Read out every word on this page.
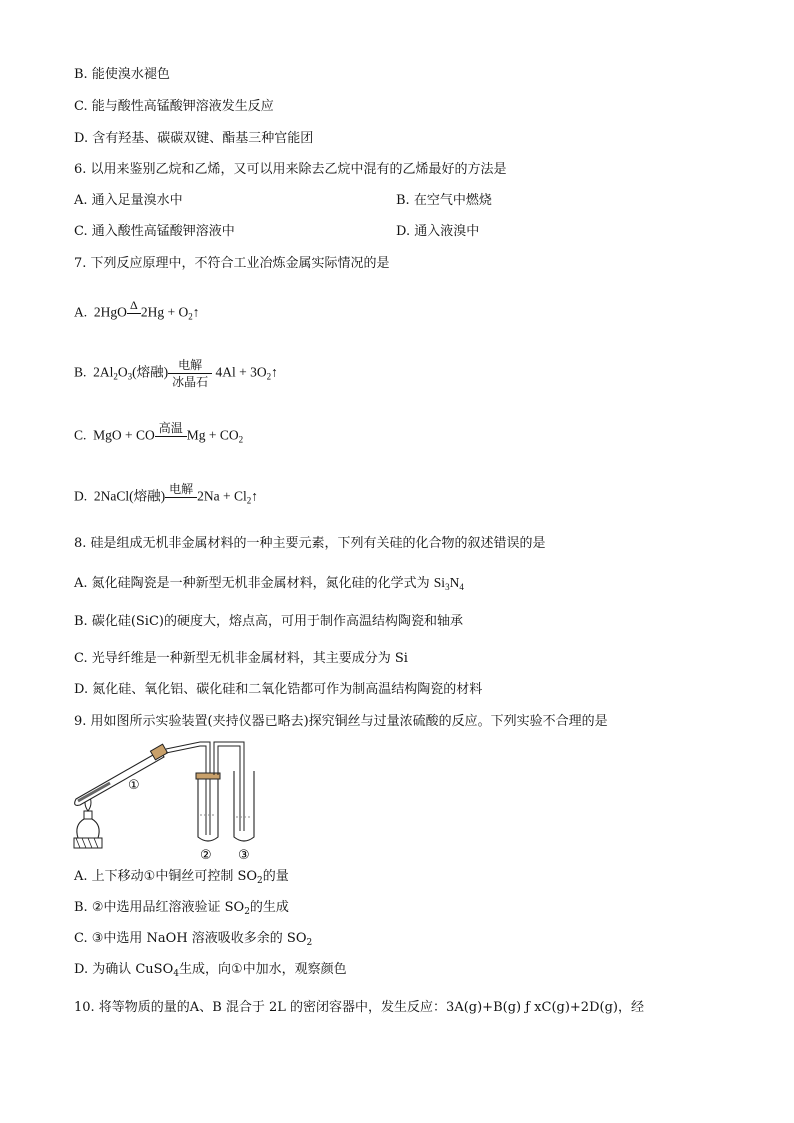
B. 能使溴水褪色
C. 能与酸性高锰酸钾溶液发生反应
D. 含有羟基、碳碳双键、酯基三种官能团
6. 以用来鉴别乙烷和乙烯，又可以用来除去乙烷中混有的乙烯最好的方法是
A. 通入足量溴水中	B. 在空气中燃烧
C. 通入酸性高锰酸钾溶液中	D. 通入液溴中
7. 下列反应原理中，不符合工业冶炼金属实际情况的是
A. 2HgO Δ
$2Hg + O_2↑$
B. $2Al_2O_3$(熔融) 电解
冰晶石
$4Al + 3O_2↑$
C. MgO + CO 高温
$Mg + CO_2$
D. 2NaCl(熔融) 电解
$2Na + Cl_2↑$
8. 硅是组成无机非金属材料的一种主要元素，下列有关硅的化合物的叙述错误的是
A. 氮化硅陶瓷是一种新型无机非金属材料，氮化硅的化学式为 $Si_3N_4$
B. 碳化硅(SiC)的硬度大，熔点高，可用于制作高温结构陶瓷和轴承
C. 光导纤维是一种新型无机非金属材料，其主要成分为 Si
D. 氮化硅、氧化铝、碳化硅和二氧化锆都可作为制高温结构陶瓷的材料
9. 用如图所示实验装置(夹持仪器已略去)探究铜丝与过量浓硫酸的反应。下列实验不合理的是
①
② ③
A. 上下移动①中铜丝可控制 $SO_2$的量
B. ②中选用品红溶液验证 $SO_2$的生成
C. ③中选用 NaOH 溶液吸收多余的 $SO_2$
D. 为确认 CuSO$_4$生成，向①中加水，观察颜色
10. 将等物质的量的A、B 混合于 2L 的密闭容器中，发生反应：3A(g)+B(g) ƒ xC(g)+2D(g)，经
